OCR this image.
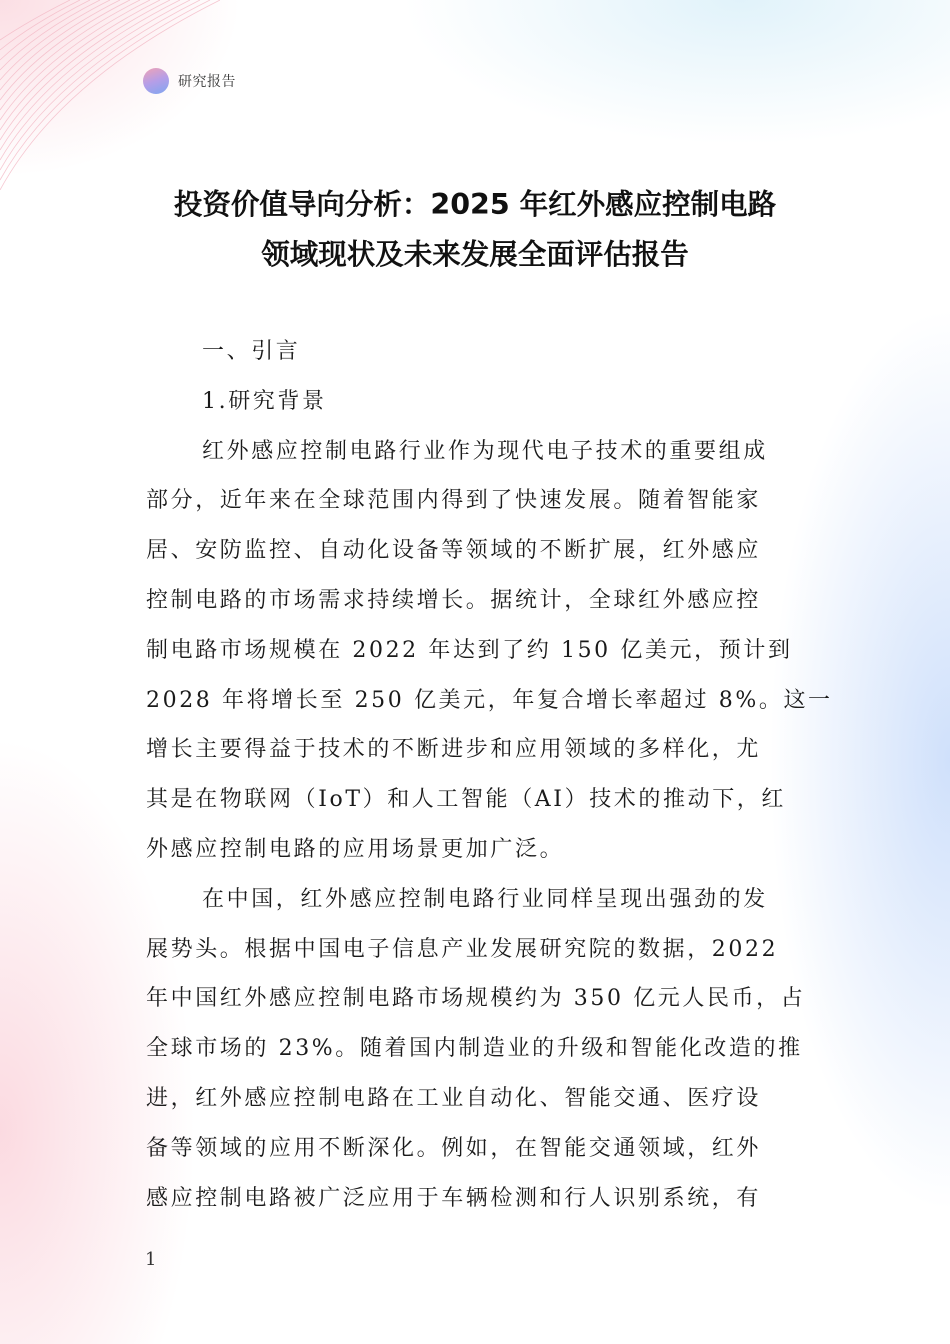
研究报告
投资价值导向分析：2025 年红外感应控制电路
领域现状及未来发展全面评估报告
一、引言
1.研究背景
红外感应控制电路行业作为现代电子技术的重要组成
部分，近年来在全球范围内得到了快速发展。随着智能家
居、安防监控、自动化设备等领域的不断扩展，红外感应
控制电路的市场需求持续增长。据统计，全球红外感应控
制电路市场规模在 2022 年达到了约 150 亿美元，预计到
2028 年将增长至 250 亿美元，年复合增长率超过 8%。这一
增长主要得益于技术的不断进步和应用领域的多样化，尤
其是在物联网（IoT）和人工智能（AI）技术的推动下，红
外感应控制电路的应用场景更加广泛。
在中国，红外感应控制电路行业同样呈现出强劲的发
展势头。根据中国电子信息产业发展研究院的数据，2022
年中国红外感应控制电路市场规模约为 350 亿元人民币，占
全球市场的 23%。随着国内制造业的升级和智能化改造的推
进，红外感应控制电路在工业自动化、智能交通、医疗设
备等领域的应用不断深化。例如，在智能交通领域，红外
感应控制电路被广泛应用于车辆检测和行人识别系统，有
1
